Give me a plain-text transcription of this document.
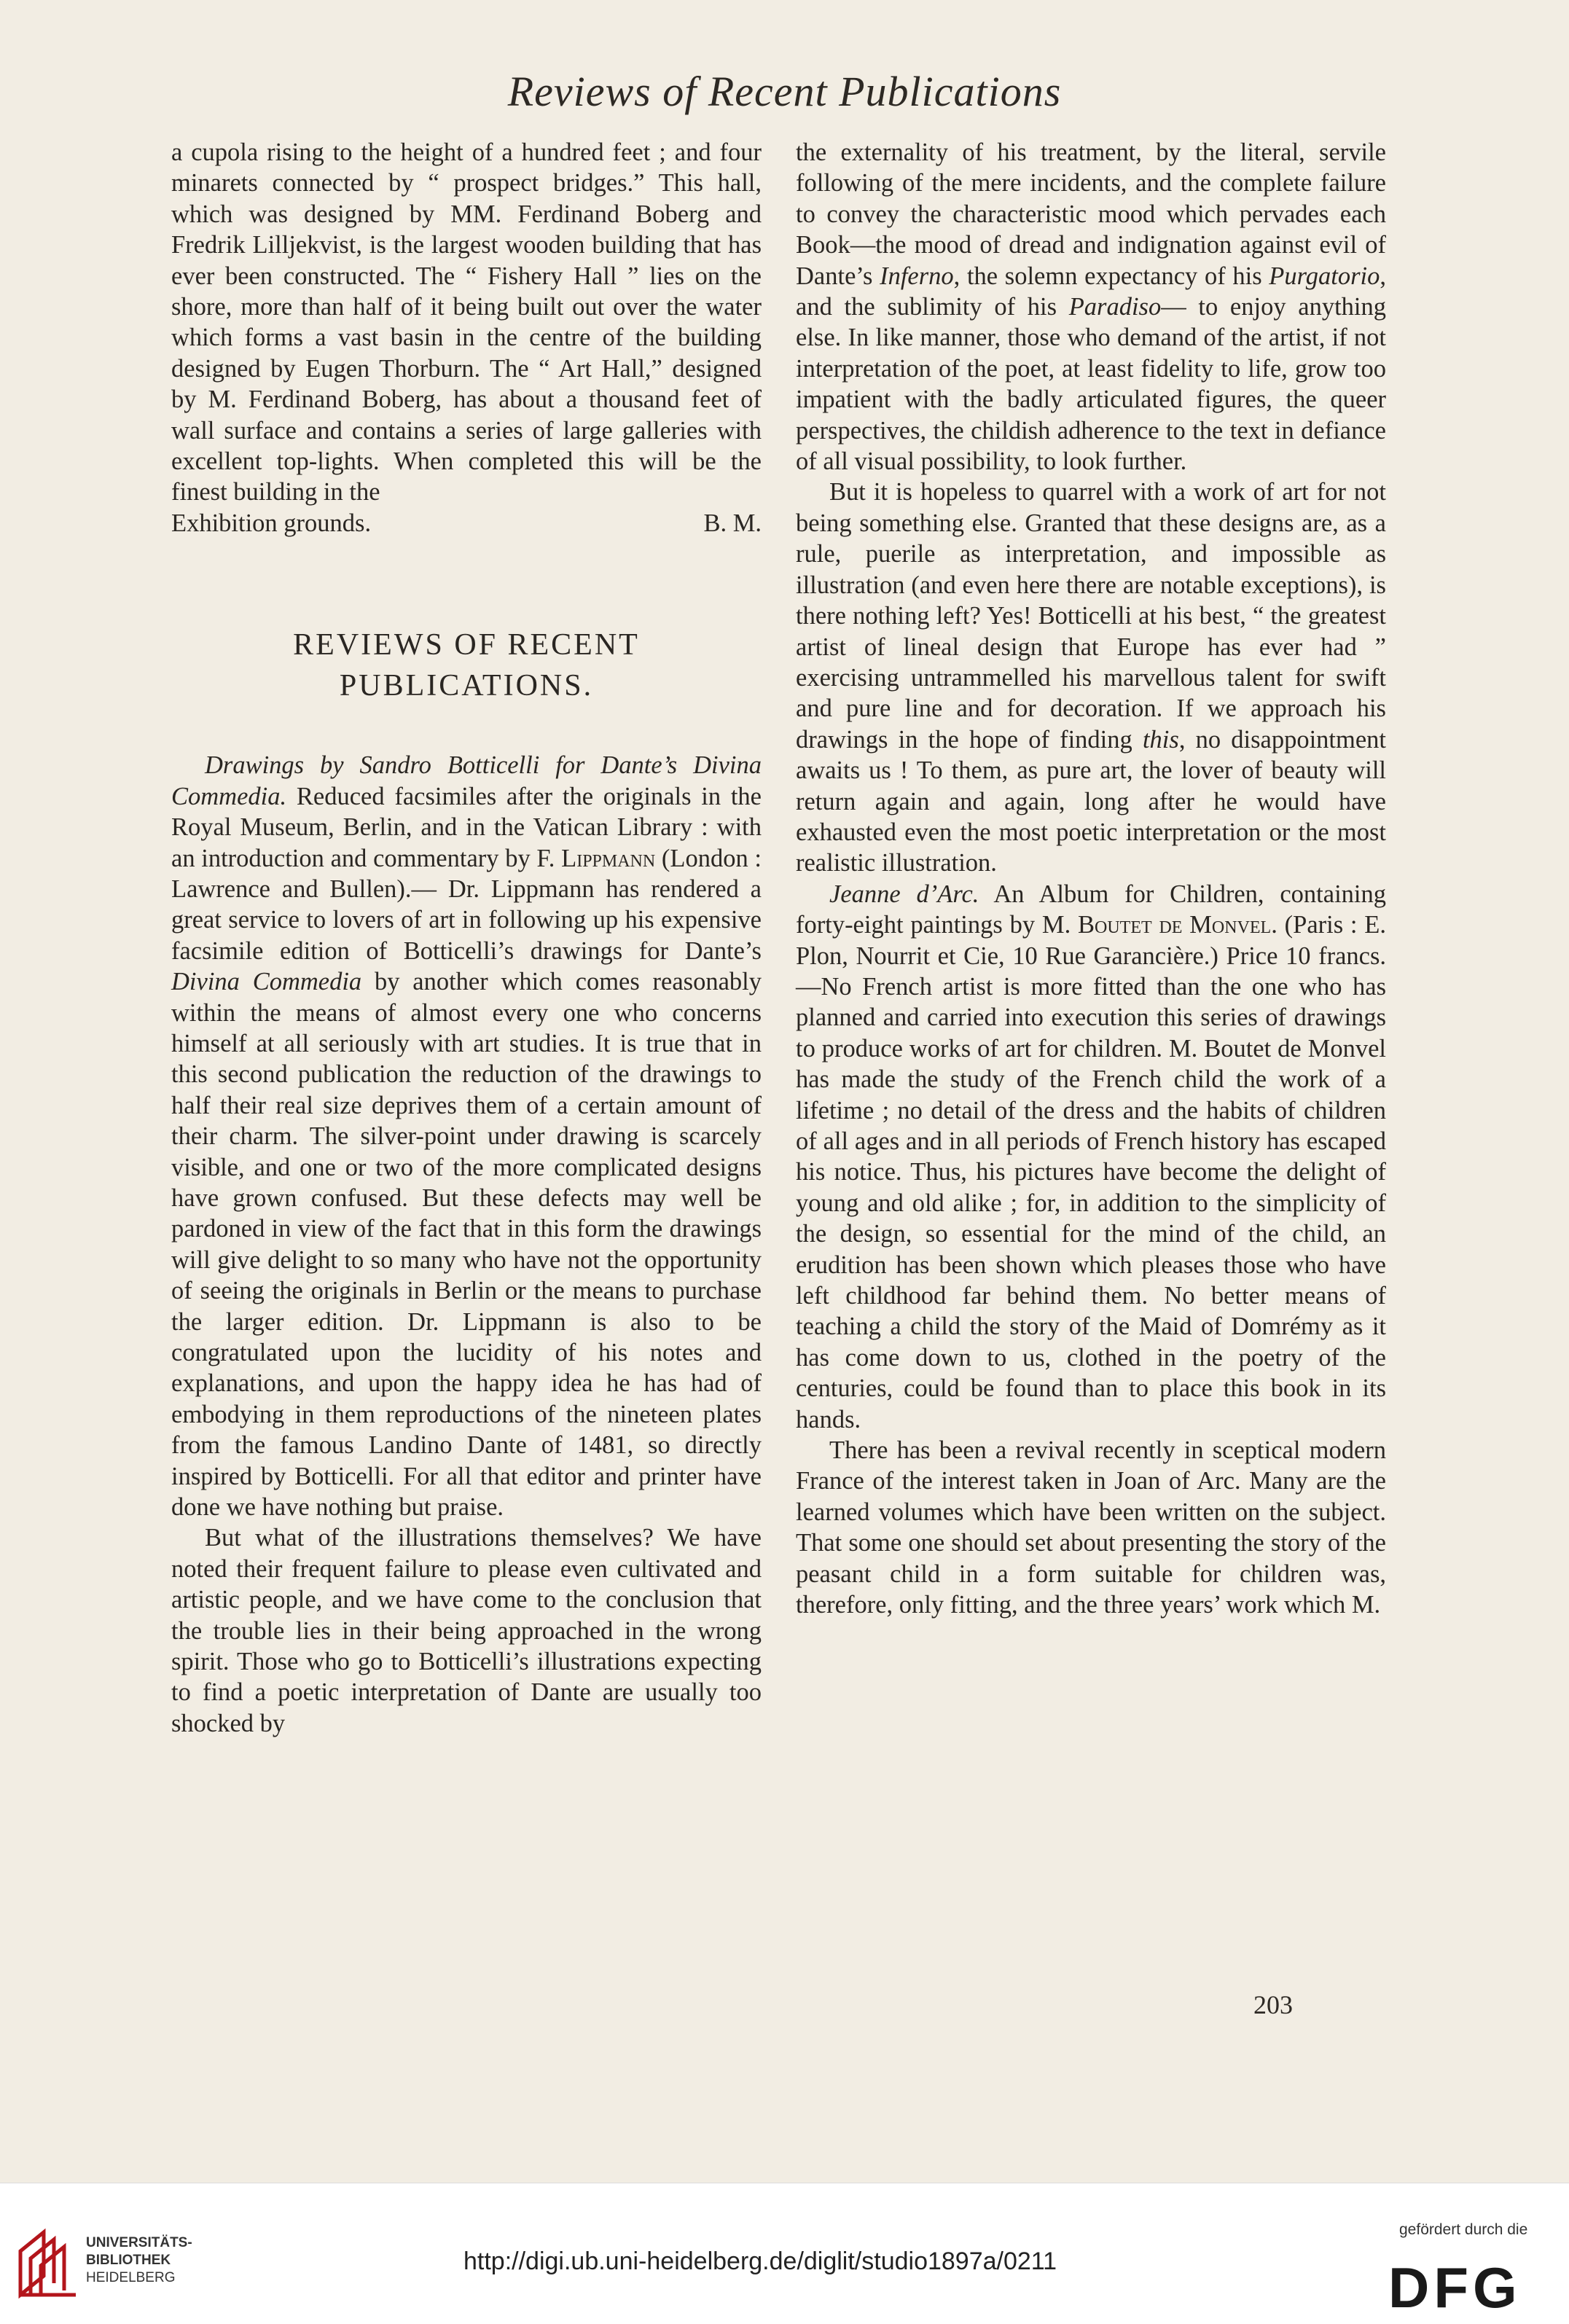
Reviews of Recent Publications

a cupola rising to the height of a hundred feet ; and four minarets connected by “ prospect bridges.” This hall, which was designed by MM. Ferdinand Boberg and Fredrik Lilljekvist, is the largest wooden building that has ever been constructed. The “ Fishery Hall ” lies on the shore, more than half of it being built out over the water which forms a vast basin in the centre of the building designed by Eugen Thorburn. The “ Art Hall,” designed by M. Ferdinand Boberg, has about a thousand feet of wall surface and contains a series of large galleries with excellent top-lights. When completed this will be the finest building in the

Exhibition grounds.	B. M.
REVIEWS OF RECENT
PUBLICATIONS.

Drawings by Sandro Botticelli for Dante’s Divina Commedia. Reduced facsimiles after the originals in the Royal Museum, Berlin, and in the Vatican Library : with an introduction and commentary by F. Lippmann (London : Lawrence and Bullen).— Dr. Lippmann has rendered a great service to lovers of art in following up his expensive facsimile edition of Botticelli’s drawings for Dante’s Divina Commedia by another which comes reasonably within the means of almost every one who concerns himself at all seriously with art studies. It is true that in this second publication the reduction of the drawings to half their real size deprives them of a certain amount of their charm. The silver-point under drawing is scarcely visible, and one or two of the more complicated designs have grown confused. But these defects may well be pardoned in view of the fact that in this form the drawings will give delight to so many who have not the opportunity of seeing the originals in Berlin or the means to purchase the larger edition. Dr. Lippmann is also to be congratulated upon the lucidity of his notes and explanations, and upon the happy idea he has had of embodying in them reproductions of the nineteen plates from the famous Landino Dante of 1481, so directly inspired by Botticelli. For all that editor and printer have done we have nothing but praise.

But what of the illustrations themselves? We have noted their frequent failure to please even cultivated and artistic people, and we have come to the conclusion that the trouble lies in their being approached in the wrong spirit. Those who go to Botticelli’s illustrations expecting to find a poetic interpretation of Dante are usually too shocked by

the externality of his treatment, by the literal, servile following of the mere incidents, and the complete failure to convey the characteristic mood which pervades each Book—the mood of dread and indignation against evil of Dante’s Inferno, the solemn expectancy of his Purgatorio, and the sublimity of his Paradiso— to enjoy anything else. In like manner, those who demand of the artist, if not interpretation of the poet, at least fidelity to life, grow too impatient with the badly articulated figures, the queer perspectives, the childish adherence to the text in defiance of all visual possibility, to look further.

But it is hopeless to quarrel with a work of art for not being something else. Granted that these designs are, as a rule, puerile as interpretation, and impossible as illustration (and even here there are notable exceptions), is there nothing left? Yes! Botticelli at his best, “ the greatest artist of lineal design that Europe has ever had ” exercising untrammelled his marvellous talent for swift and pure line and for decoration. If we approach his drawings in the hope of finding this, no disappointment awaits us ! To them, as pure art, the lover of beauty will return again and again, long after he would have exhausted even the most poetic interpretation or the most realistic illustration.

Jeanne d’Arc. An Album for Children, containing forty-eight paintings by M. Boutet de Monvel. (Paris : E. Plon, Nourrit et Cie, 10 Rue Garancière.) Price 10 francs.—No French artist is more fitted than the one who has planned and carried into execution this series of drawings to produce works of art for children. M. Boutet de Monvel has made the study of the French child the work of a lifetime ; no detail of the dress and the habits of children of all ages and in all periods of French history has escaped his notice. Thus, his pictures have become the delight of young and old alike ; for, in addition to the simplicity of the design, so essential for the mind of the child, an erudition has been shown which pleases those who have left childhood far behind them. No better means of teaching a child the story of the Maid of Domrémy as it has come down to us, clothed in the poetry of the centuries, could be found than to place this book in its hands.

There has been a revival recently in sceptical modern France of the interest taken in Joan of Arc. Many are the learned volumes which have been written on the subject. That some one should set about presenting the story of the peasant child in a form suitable for children was, therefore, only fitting, and the three years’ work which M.

203
UNIVERSITÄTS-
BIBLIOTHEK
HEIDELBERG
http://digi.ub.uni-heidelberg.de/diglit/studio1897a/0211
gefördert durch die
DFG
